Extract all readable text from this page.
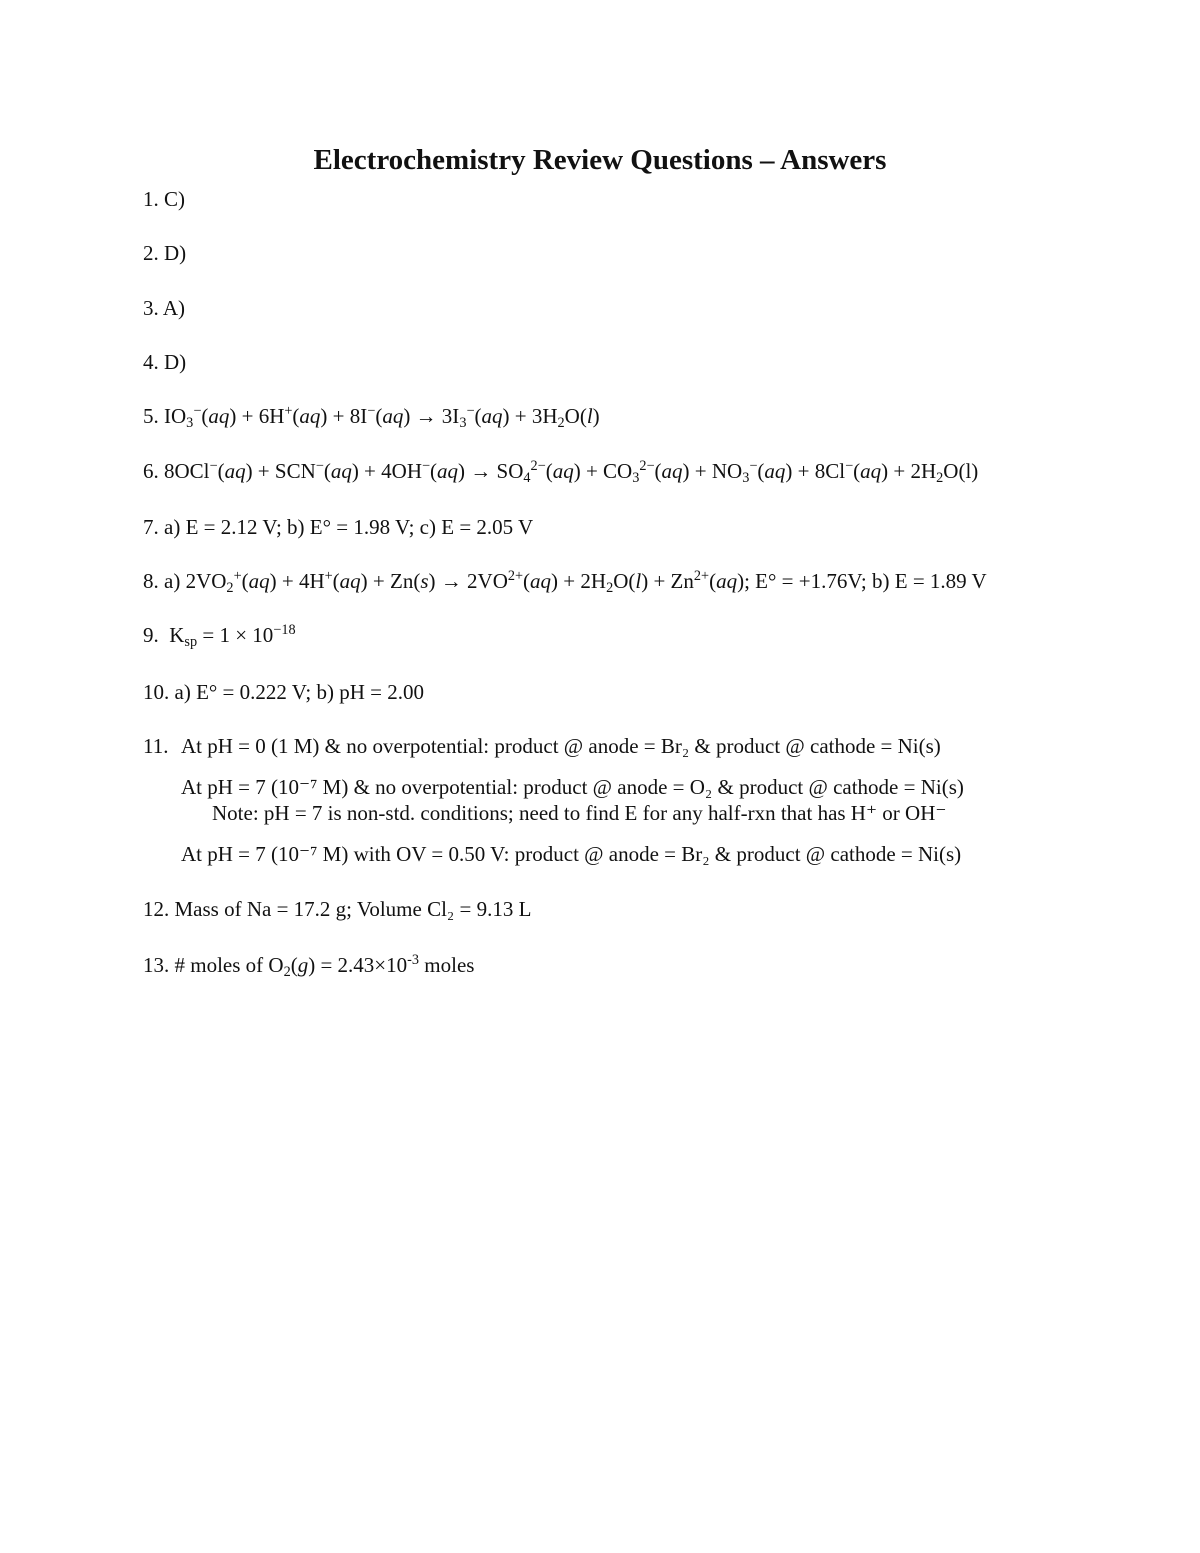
Electrochemistry Review Questions – Answers
1. C)
2. D)
3. A)
4. D)
5. $IO_3^-(aq) + 6H^+(aq) + 8I^-(aq) \to 3I_3^-(aq) + 3H_2O(l)$
6. $8OCl^-(aq) + SCN^-(aq) + 4OH^-(aq) \to SO_4^{2-}(aq) + CO_3^{2-}(aq) + NO_3^-(aq) + 8Cl^-(aq) + 2H_2O(l)$
7. a) E = 2.12 V; b) E° = 1.98 V; c) E = 2.05 V
8. a) $2VO_2^+(aq) + 4H^+(aq) + Zn(s) \to 2VO^{2+}(aq) + 2H_2O(l) + Zn^{2+}(aq)$; E° = +1.76V; b) E = 1.89 V
9.  $K_{sp} = 1 \times 10^{-18}$
10. a) E° = 0.222 V; b) pH = 2.00
11. At pH = 0 (1 M) & no overpotential: product @ anode = Br₂ & product @ cathode = Ni(s)
At pH = 7 (10⁻⁷ M) & no overpotential: product @ anode = O₂ & product @ cathode = Ni(s)
Note: pH = 7 is non-std. conditions; need to find E for any half-rxn that has H⁺ or OH⁻
At pH = 7 (10⁻⁷ M) with OV = 0.50 V: product @ anode = Br₂ & product @ cathode = Ni(s)
12. Mass of Na = 17.2 g; Volume Cl₂ = 9.13 L
13. # moles of $O_2(g) = 2.43\times 10^{-3}$ moles
